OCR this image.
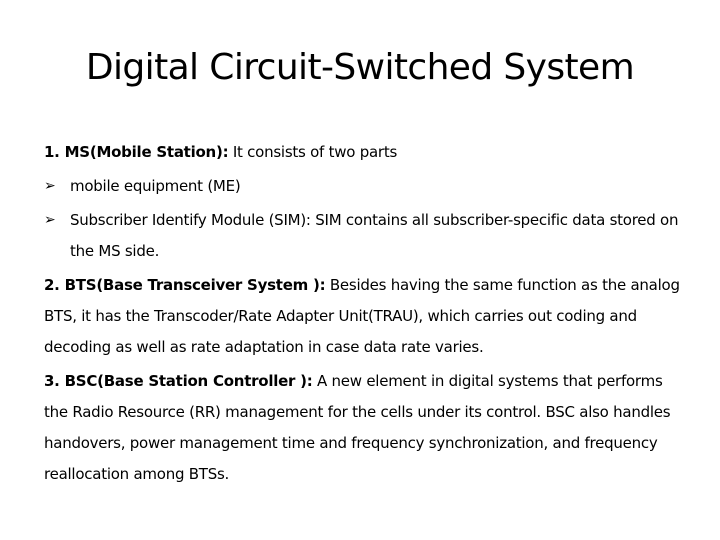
Digital Circuit-Switched System

1. MS(Mobile Station): It consists of two parts

➢ mobile equipment (ME)

➢ Subscriber Identify Module (SIM): SIM contains all subscriber-specific data stored on the MS side.

2. BTS(Base Transceiver System ): Besides having the same function as the analog BTS, it has the Transcoder/Rate Adapter Unit(TRAU), which carries out coding and decoding as well as rate adaptation in case data rate varies.

3. BSC(Base Station Controller ): A new element in digital systems that performs the Radio Resource (RR) management for the cells under its control. BSC also handles handovers, power management time and frequency synchronization, and frequency reallocation among BTSs.
